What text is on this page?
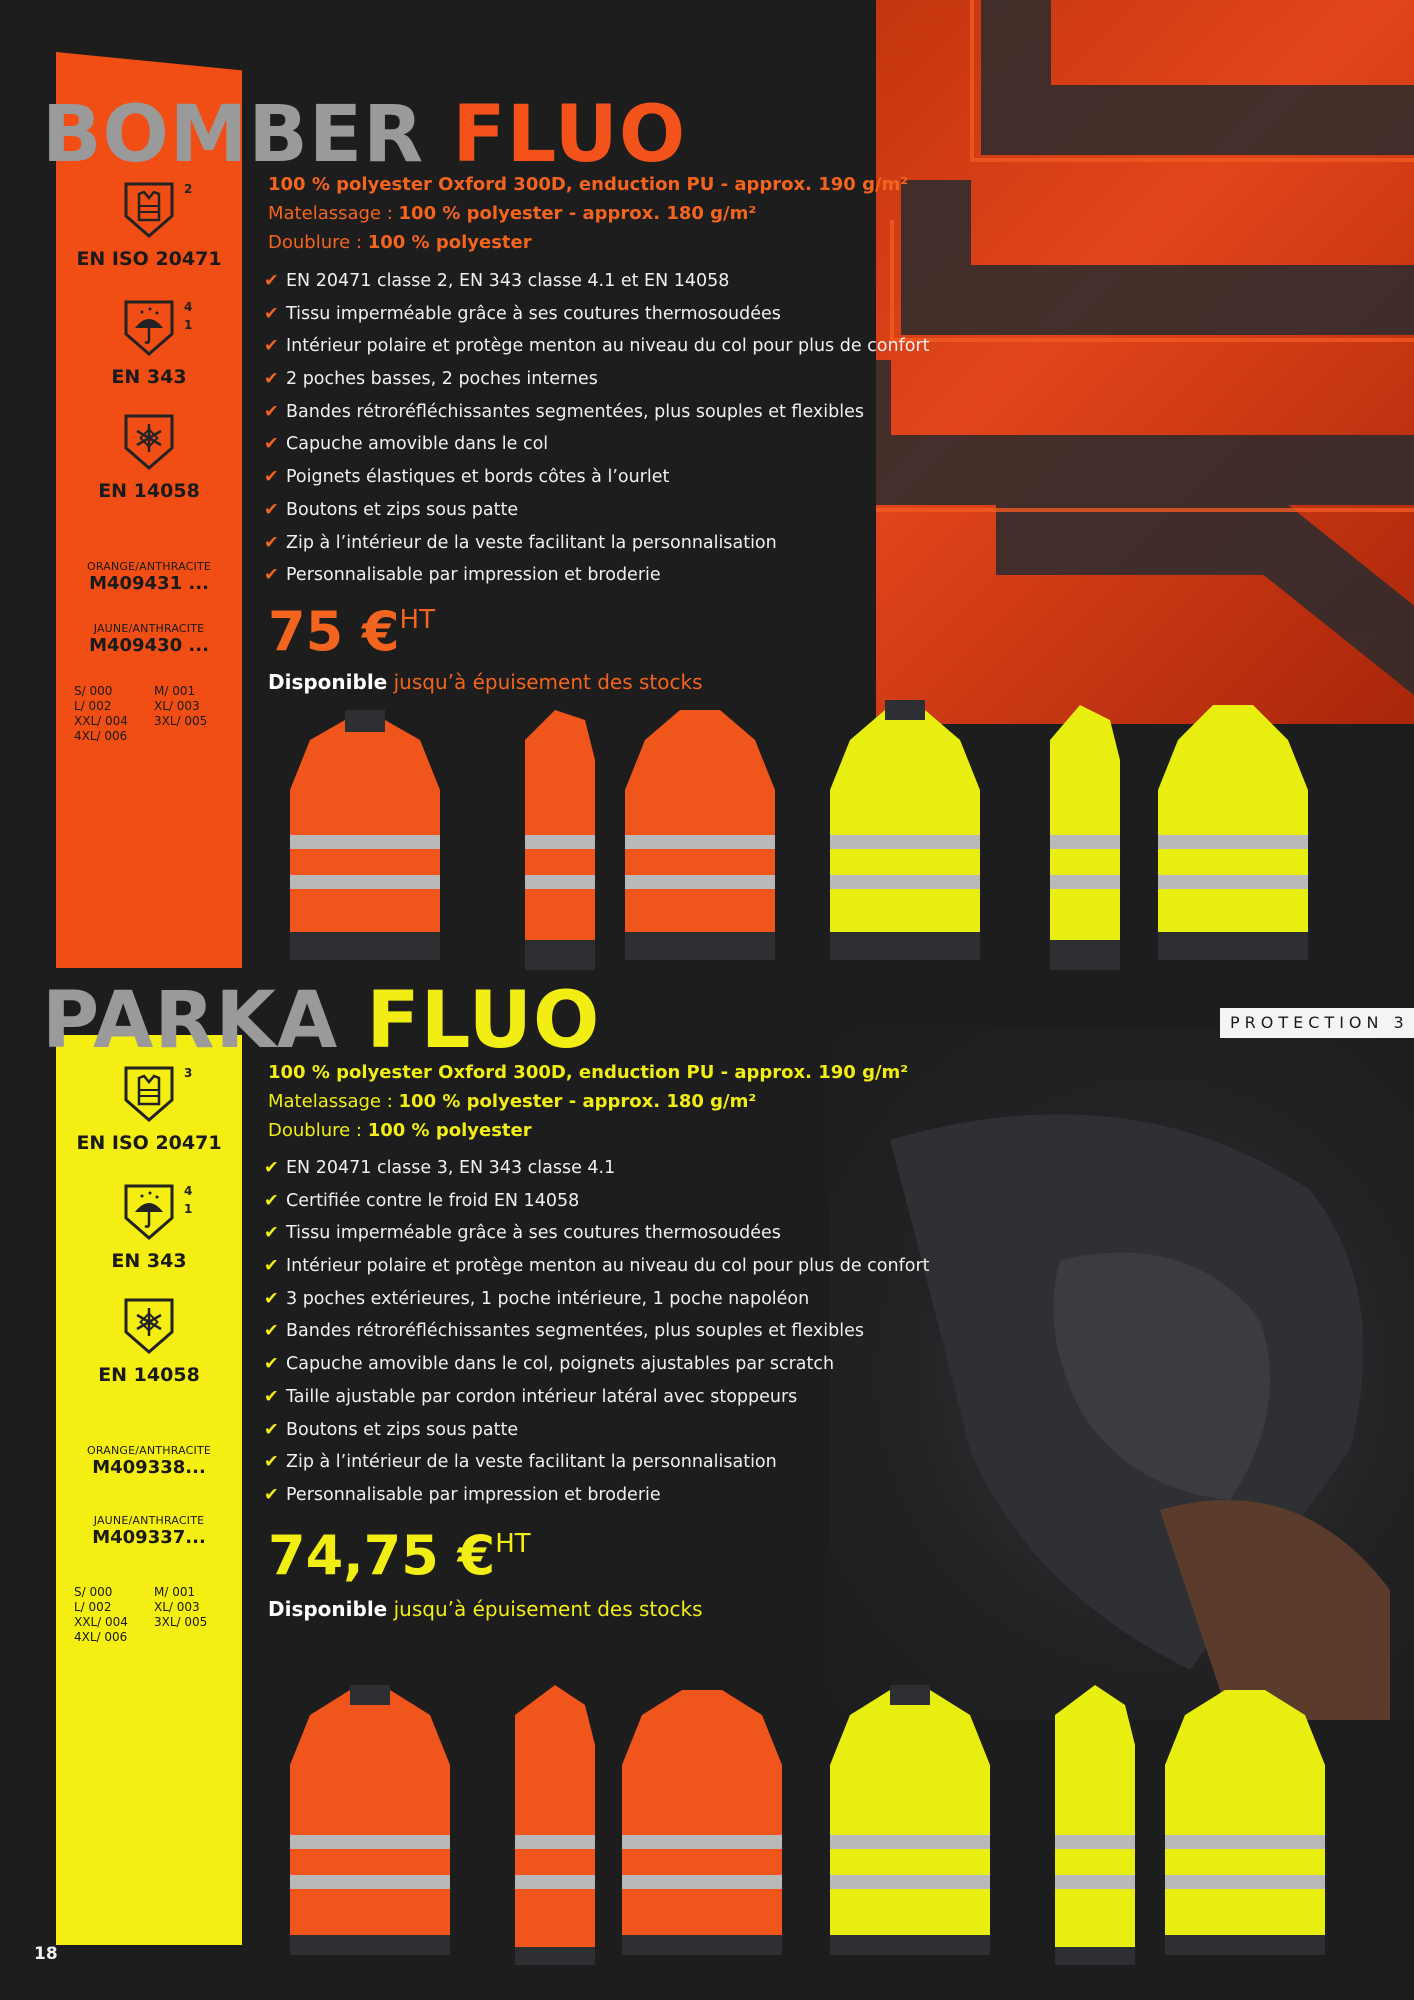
BOMBER FLUO
2
EN ISO 20471
4
1
EN 343
EN 14058
ORANGE/ANTHRACITE
M409431 ...
JAUNE/ANTHRACITE
M409430 ...
S/ 000	M/ 001
L/ 002	XL/ 003
XXL/ 004	3XL/ 005
4XL/ 006
100 % polyester Oxford 300D, enduction PU - approx. 190 g/m²
Matelassage : 100 % polyester - approx. 180 g/m²
Doublure : 100 % polyester
✔ EN 20471 classe 2, EN 343 classe 4.1 et EN 14058
✔ Tissu imperméable grâce à ses coutures thermosoudées
✔ Intérieur polaire et protège menton au niveau du col pour plus de confort
✔ 2 poches basses, 2 poches internes
✔ Bandes rétroréfléchissantes segmentées, plus souples et flexibles
✔ Capuche amovible dans le col
✔ Poignets élastiques et bords côtes à l’ourlet
✔ Boutons et zips sous patte
✔ Zip à l’intérieur de la veste facilitant la personnalisation
✔ Personnalisable par impression et broderie
75 €HT
Disponible jusqu’à épuisement des stocks
PARKA FLUO	PROTECTION 3
3
EN ISO 20471
4
1
EN 343
EN 14058
ORANGE/ANTHRACITE
M409338...
JAUNE/ANTHRACITE
M409337...
S/ 000	M/ 001
L/ 002	XL/ 003
XXL/ 004	3XL/ 005
4XL/ 006
100 % polyester Oxford 300D, enduction PU - approx. 190 g/m²
Matelassage : 100 % polyester - approx. 180 g/m²
Doublure : 100 % polyester
✔ EN 20471 classe 3, EN 343 classe 4.1
✔ Certifiée contre le froid EN 14058
✔ Tissu imperméable grâce à ses coutures thermosoudées
✔ Intérieur polaire et protège menton au niveau du col pour plus de confort
✔ 3 poches extérieures, 1 poche intérieure, 1 poche napoléon
✔ Bandes rétroréfléchissantes segmentées, plus souples et flexibles
✔ Capuche amovible dans le col, poignets ajustables par scratch
✔ Taille ajustable par cordon intérieur latéral avec stoppeurs
✔ Boutons et zips sous patte
✔ Zip à l’intérieur de la veste facilitant la personnalisation
✔ Personnalisable par impression et broderie
74,75 €HT
Disponible jusqu’à épuisement des stocks
18
